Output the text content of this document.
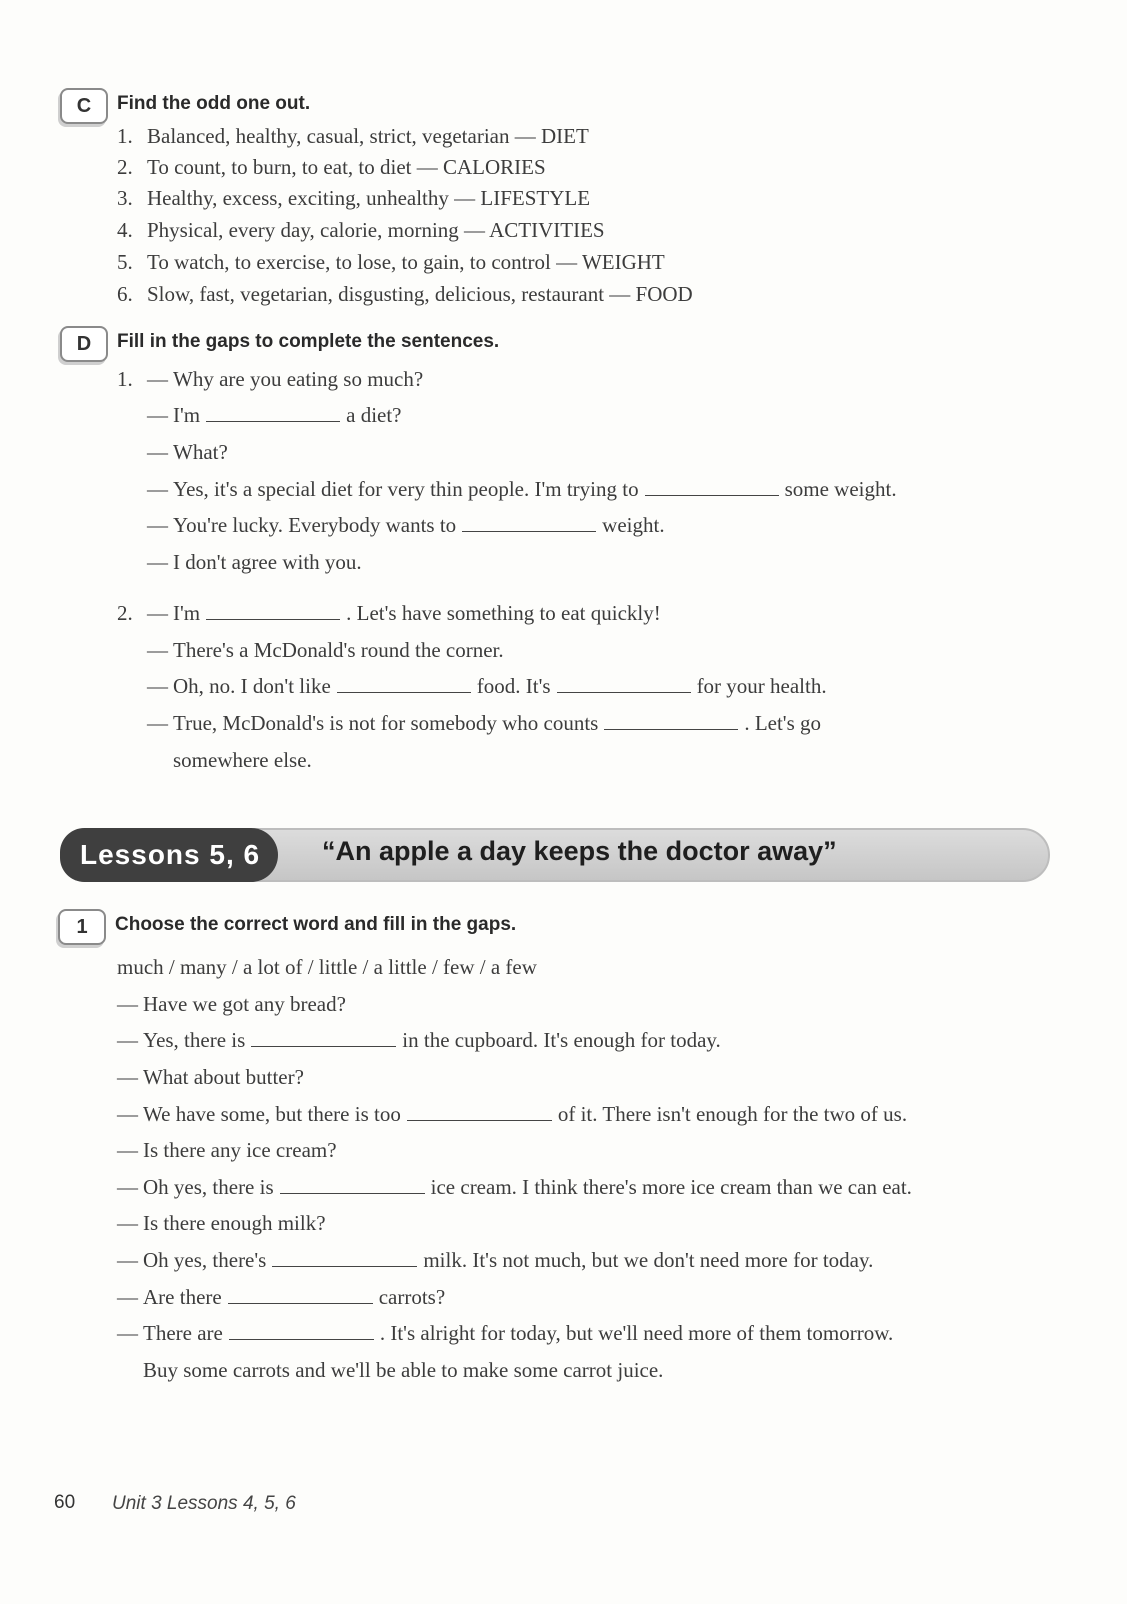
C	Find the odd one out.
1. Balanced, healthy, casual, strict, vegetarian — DIET
2. To count, to burn, to eat, to diet — CALORIES
3. Healthy, excess, exciting, unhealthy — LIFESTYLE
4. Physical, every day, calorie, morning — ACTIVITIES
5. To watch, to exercise, to lose, to gain, to control — WEIGHT
6. Slow, fast, vegetarian, disgusting, delicious, restaurant — FOOD
D	Fill in the gaps to complete the sentences.
1. — Why are you eating so much?
— I'm	a diet?
— What?
— Yes, it's a special diet for very thin people. I'm trying to	some weight.
— You're lucky. Everybody wants to	weight.
— I don't agree with you.
2. — I'm	. Let's have something to eat quickly!
— There's a McDonald's round the corner.
— Oh, no. I don't like	food. It's	for your health.
— True, McDonald's is not for somebody who counts	. Let's go
somewhere else.
Lessons 5, 6	“An apple a day keeps the doctor away”
1	Choose the correct word and fill in the gaps.
much / many / a lot of / little / a little / few / a few
— Have we got any bread?
— Yes, there is	in the cupboard. It's enough for today.
— What about butter?
— We have some, but there is too	of it. There isn't enough for the two of us.
— Is there any ice cream?
— Oh yes, there is	ice cream. I think there's more ice cream than we can eat.
— Is there enough milk?
— Oh yes, there's	milk. It's not much, but we don't need more for today.
— Are there	carrots?
— There are	. It's alright for today, but we'll need more of them tomorrow.
Buy some carrots and we'll be able to make some carrot juice.
60 Unit 3 Lessons 4, 5, 6
